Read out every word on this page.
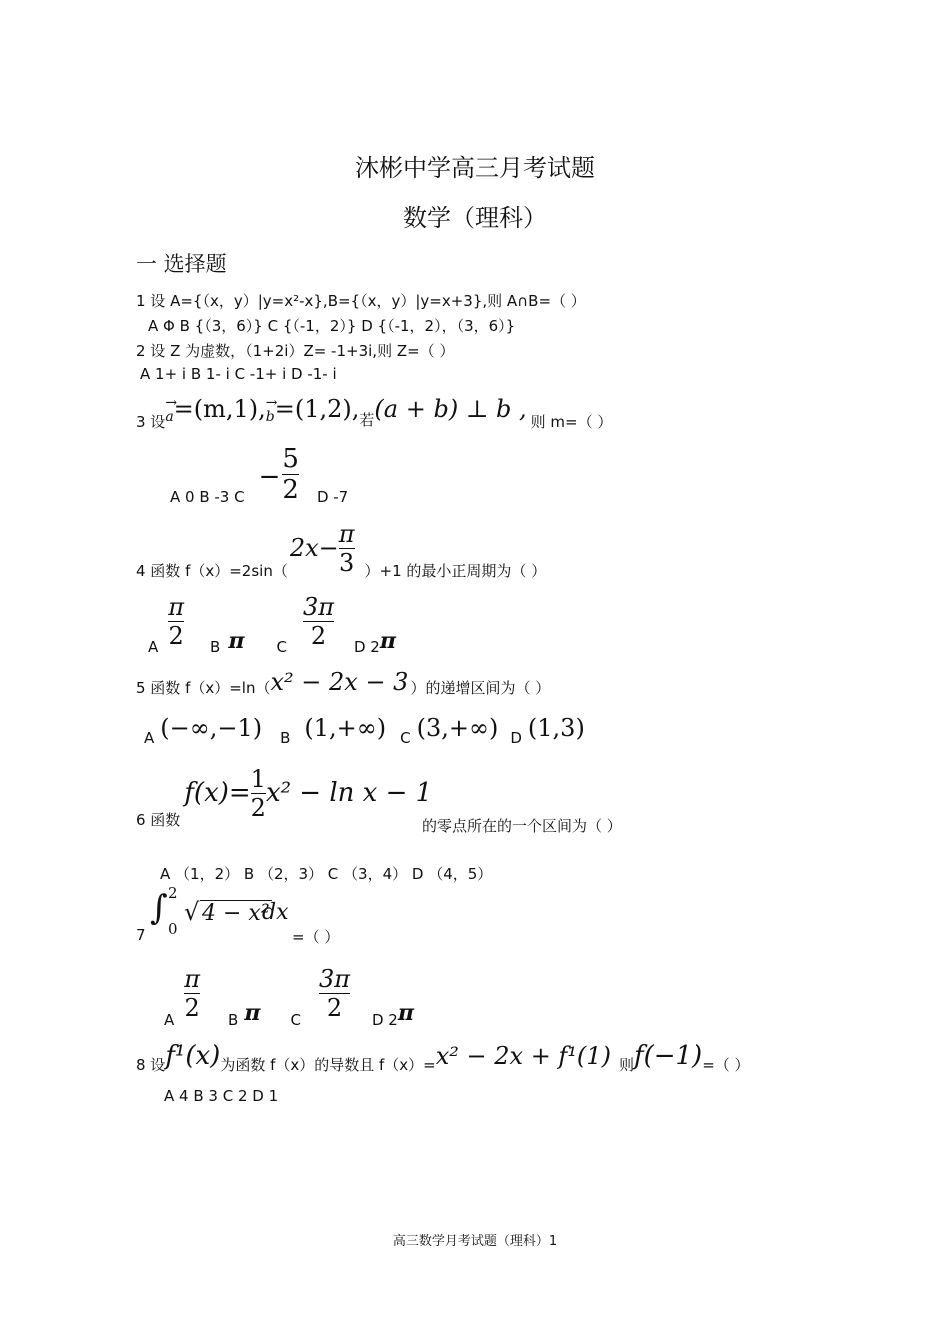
沐彬中学高三月考试题
数学（理科）
一 选择题
1 设 A={（x，y）|y=x²-x},B={（x，y）|y=x+3},则 A∩B=（ ）
A Φ B {（3，6）} C {（-1，2）} D {（-1，2），（3，6）}
2 设 Z 为虚数，（1+2i）Z= -1+3i,则 Z=（ ）
A 1+ i B 1- i C -1+ i D -1- i
3 设 a
→
=(m,1), b
→
=(1,2), 若 (a + b) ⊥ b , 则 m=（ ）
A 0 B -3 C
− $\frac{5}{2}$ D -7
4 函数 f（x）=2sin（
$2x- \frac{\pi}{3} )+1$ 的最小正周期为（ ）
A $\frac{\pi}{2}$ B π C $\frac{3\pi}{2}$ D 2 π
5 函数 f（x）=ln（ x² − 2x − 3 ）的递增区间为（ ）
A (−∞,−1) B (1,+∞) C (3,+∞) D (1,3)
6 函数
$f(x)= \frac{1}{2} x^2 - \ln x - 1$
的零点所在的一个区间为（ ）
A （1，2） B （2，3） C （3，4） D （4，5）
7
∫ 2
0
√ 4 − x²
dx
=（ ）
A $\frac{\pi}{2}$ B π C $\frac{3\pi}{2}$ D 2 π
8 设 f¹(x) 为函数 f（x）的导数且 f（x）= x² − 2x + f¹(1) 则 f(−1) =（ ）
A 4 B 3 C 2 D 1
高三数学月考试题（理科）1
